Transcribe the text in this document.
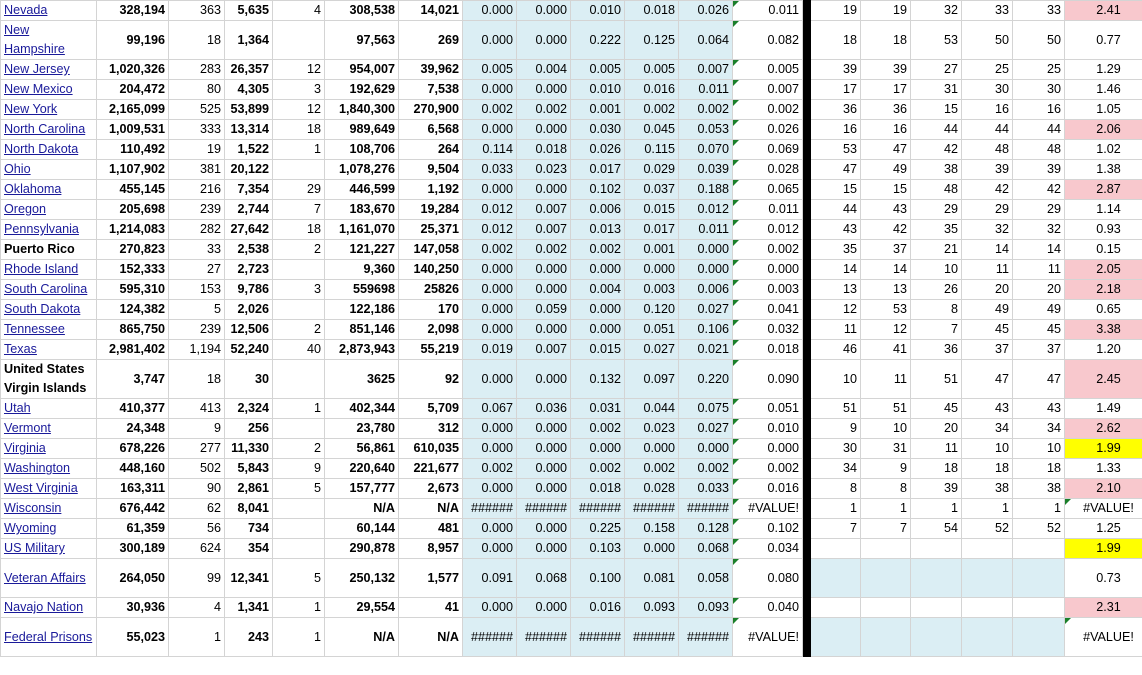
Nevada	328,194	363	5,635	4	308,538	14,021	0.000	0.000	0.010	0.018	0.026	0.011		19	19	32	33	33	2.41
New Hampshire	99,196	18	1,364		97,563	269	0.000	0.000	0.222	0.125	0.064	0.082		18	18	53	50	50	0.77
New Jersey	1,020,326	283	26,357	12	954,007	39,962	0.005	0.004	0.005	0.005	0.007	0.005		39	39	27	25	25	1.29
New Mexico	204,472	80	4,305	3	192,629	7,538	0.000	0.000	0.010	0.016	0.011	0.007		17	17	31	30	30	1.46
New York	2,165,099	525	53,899	12	1,840,300	270,900	0.002	0.002	0.001	0.002	0.002	0.002		36	36	15	16	16	1.05
North Carolina	1,009,531	333	13,314	18	989,649	6,568	0.000	0.000	0.030	0.045	0.053	0.026		16	16	44	44	44	2.06
North Dakota	110,492	19	1,522	1	108,706	264	0.114	0.018	0.026	0.115	0.070	0.069		53	47	42	48	48	1.02
Ohio	1,107,902	381	20,122		1,078,276	9,504	0.033	0.023	0.017	0.029	0.039	0.028		47	49	38	39	39	1.38
Oklahoma	455,145	216	7,354	29	446,599	1,192	0.000	0.000	0.102	0.037	0.188	0.065		15	15	48	42	42	2.87
Oregon	205,698	239	2,744	7	183,670	19,284	0.012	0.007	0.006	0.015	0.012	0.011		44	43	29	29	29	1.14
Pennsylvania	1,214,083	282	27,642	18	1,161,070	25,371	0.012	0.007	0.013	0.017	0.011	0.012		43	42	35	32	32	0.93
Puerto Rico	270,823	33	2,538	2	121,227	147,058	0.002	0.002	0.002	0.001	0.000	0.002		35	37	21	14	14	0.15
Rhode Island	152,333	27	2,723		9,360	140,250	0.000	0.000	0.000	0.000	0.000	0.000		14	14	10	11	11	2.05
South Carolina	595,310	153	9,786	3	559698	25826	0.000	0.000	0.004	0.003	0.006	0.003		13	13	26	20	20	2.18
South Dakota	124,382	5	2,026		122,186	170	0.000	0.059	0.000	0.120	0.027	0.041		12	53	8	49	49	0.65
Tennessee	865,750	239	12,506	2	851,146	2,098	0.000	0.000	0.000	0.051	0.106	0.032		11	12	7	45	45	3.38
Texas	2,981,402	1,194	52,240	40	2,873,943	55,219	0.019	0.007	0.015	0.027	0.021	0.018		46	41	36	37	37	1.20
United States Virgin Islands	3,747	18	30		3625	92	0.000	0.000	0.132	0.097	0.220	0.090		10	11	51	47	47	2.45
Utah	410,377	413	2,324	1	402,344	5,709	0.067	0.036	0.031	0.044	0.075	0.051		51	51	45	43	43	1.49
Vermont	24,348	9	256		23,780	312	0.000	0.000	0.002	0.023	0.027	0.010		9	10	20	34	34	2.62
Virginia	678,226	277	11,330	2	56,861	610,035	0.000	0.000	0.000	0.000	0.000	0.000		30	31	11	10	10	1.99
Washington	448,160	502	5,843	9	220,640	221,677	0.002	0.000	0.002	0.002	0.002	0.002		34	9	18	18	18	1.33
West Virginia	163,311	90	2,861	5	157,777	2,673	0.000	0.000	0.018	0.028	0.033	0.016		8	8	39	38	38	2.10
Wisconsin	676,442	62	8,041		N/A	N/A	######	######	######	######	######	#VALUE!		1	1	1	1	1	#VALUE!
Wyoming	61,359	56	734		60,144	481	0.000	0.000	0.225	0.158	0.128	0.102		7	7	54	52	52	1.25
US Military	300,189	624	354		290,878	8,957	0.000	0.000	0.103	0.000	0.068	0.034							1.99
Veteran Affairs	264,050	99	12,341	5	250,132	1,577	0.091	0.068	0.100	0.081	0.058	0.080							0.73
Navajo Nation	30,936	4	1,341	1	29,554	41	0.000	0.000	0.016	0.093	0.093	0.040							2.31
Federal Prisons	55,023	1	243	1	N/A	N/A	######	######	######	######	######	#VALUE!							#VALUE!
